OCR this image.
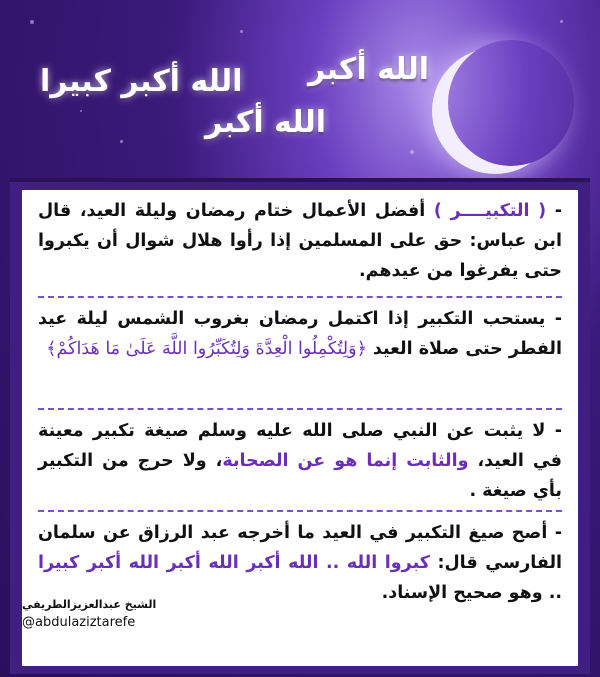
الله أكبر
الله أكبر كبيرا
الله أكبر
- ( التكبيــــر ) أفضل الأعمال ختام رمضان وليلة العيد، قال ابن عباس: حق على المسلمين إذا رأوا هلال شوال أن يكبروا حتى يفرغوا من عيدهم.
- يستحب التكبير إذا اكتمل رمضان بغروب الشمس ليلة عيد الفطر حتى صلاة العيد ﴿وَلِتُكْمِلُوا الْعِدَّةَ وَلِتُكَبِّرُوا اللَّهَ عَلَىٰ مَا هَدَاكُمْ﴾
- لا يثبت عن النبي صلى الله عليه وسلم صيغة تكبير معينة في العيد، والثابت إنما هو عن الصحابة، ولا حرج من التكبير بأي صيغة .
- أصح صيغ التكبير في العيد ما أخرجه عبد الرزاق عن سلمان الفارسي قال: كبروا الله .. الله أكبر الله أكبر الله أكبر كبيرا .. وهو صحيح الإسناد.
الشيخ عبدالعزيزالطريفي
@abdulaziztarefe
